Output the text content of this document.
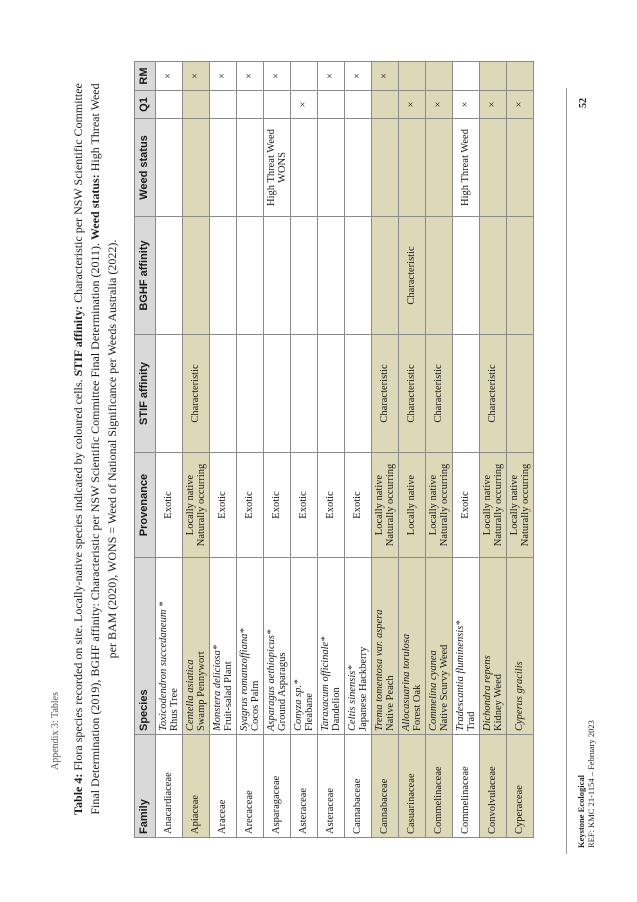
Appendix 3: Tables
Table 4: Flora species recorded on site. Locally-native species indicated by coloured cells. STIF affinity: Characteristic per NSW Scientific Committee Final Determination (2019), BGHF affinity: Characteristic per NSW Scientific Committee Final Determination (2011). Weed status: High Threat Weed per BAM (2020), WONS = Weed of National Significance per Weeds Australia (2022).
Family	Species	Provenance	STIF affinity	BGHF affinity	Weed status	Q1	RM

Anacardiaceae	Toxicodendron succedaneum * Rhus Tree	Exotic					×

Apiaceae	Centella asiatica Swamp Pennywort	Locally native Naturally occurring	Characteristic				×

Araceae	Monstera deliciosa* Fruit-salad Plant	Exotic					×

Arecaceae	Syagrus romanzoffiana* Cocos Palm	Exotic					×

Asparagaceae	Asparagus aethiopicus* Ground Asparagus	Exotic			High Threat Weed WONS		×

Asteraceae	Conyza sp.* Fleabane	Exotic				×	

Asteraceae	Taraxacum officinale* Dandelion	Exotic					×

Cannabaceae	Celtis sinensis* Japanese Hackberry	Exotic					×

Cannabaceae	Trema tomentosa var. aspera Native Peach	Locally native Naturally occurring	Characteristic				×

Casuarinaceae	Allocasuarina torulosa Forest Oak	Locally native	Characteristic	Characteristic		×	

Commelinaceae	Commelina cyanea Native Scurvy Weed	Locally native Naturally occurring	Characteristic			×	

Commelinaceae	Tradescantia fluminensis* Trad	Exotic			High Threat Weed	×	

Convolvulaceae	Dichondra repens Kidney Weed	Locally native Naturally occurring	Characteristic			×	

Cyperaceae	Cyperus gracilis	Locally native Naturally occurring				×	

Keystone Ecological REF: KMC 21-1154 – February 2023
52
